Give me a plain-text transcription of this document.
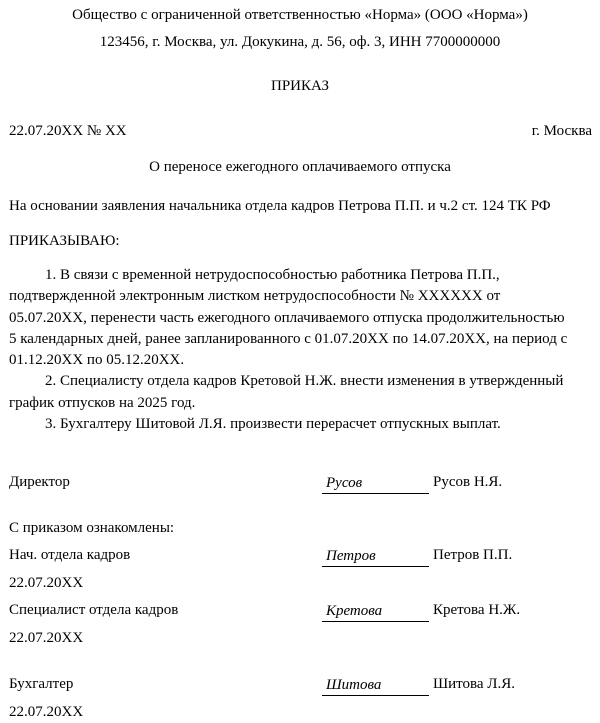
Общество с ограниченной ответственностью «Норма» (ООО «Норма»)
123456, г. Москва, ул. Докукина, д. 56, оф. 3, ИНН 7700000000
ПРИКАЗ
22.07.20XX № XX	г. Москва
О переносе ежегодного оплачиваемого отпуска
На основании заявления начальника отдела кадров Петрова П.П. и ч.2 ст. 124 ТК РФ
ПРИКАЗЫВАЮ:
1. В связи с временной нетрудоспособностью работника Петрова П.П.,
подтвержденной электронным листком нетрудоспособности № XXXXXX от
05.07.20XX, перенести часть ежегодного оплачиваемого отпуска продолжительностью
5 календарных дней, ранее запланированного с 01.07.20XX по 14.07.20XX, на период с
01.12.20XX по 05.12.20XX.
2. Специалисту отдела кадров Кретовой Н.Ж. внести изменения в утвержденный
график отпусков на 2025 год.
3. Бухгалтеру Шитовой Л.Я. произвести перерасчет отпускных выплат.
Директор	Русов	Русов Н.Я.
С приказом ознакомлены:
Нач. отдела кадров	Петров	Петров П.П.
22.07.20XX
Специалист отдела кадров	Кретова	Кретова Н.Ж.
22.07.20XX
Бухгалтер	Шитова	Шитова Л.Я.
22.07.20XX
